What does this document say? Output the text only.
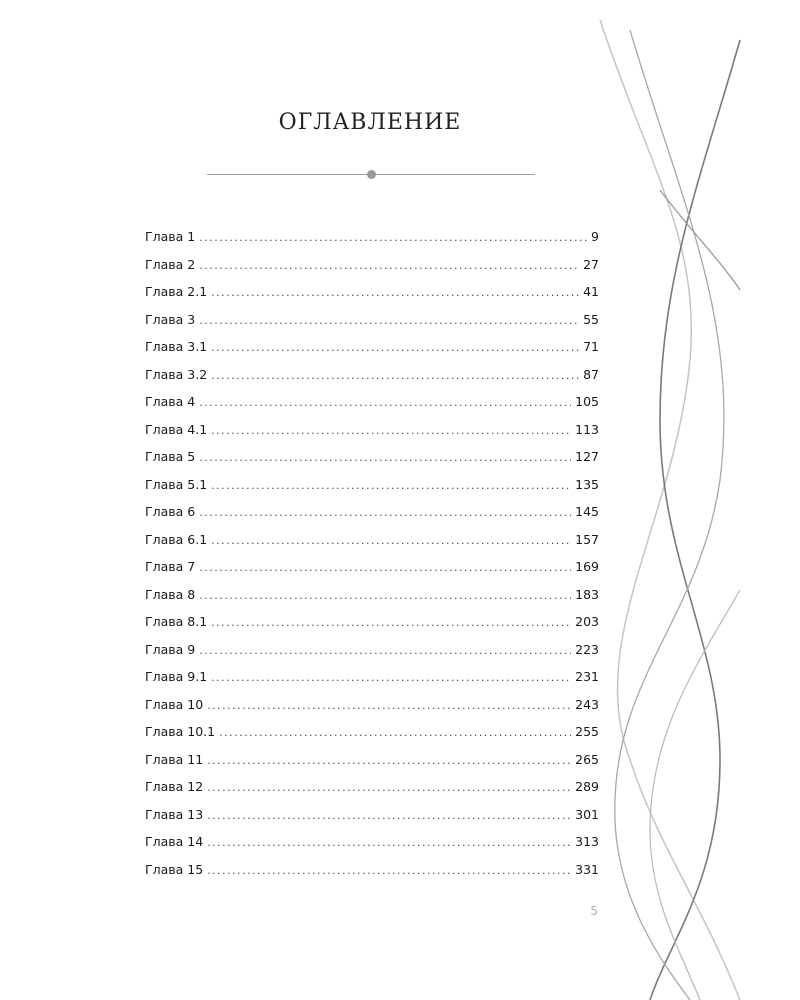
ОГЛАВЛЕНИЕ
Глава 1 .....	9
Глава 2 .....	27
Глава 2.1 .....	41
Глава 3 .....	55
Глава 3.1 .....	71
Глава 3.2 .....	87
Глава 4 .....	105
Глава 4.1 .....	113
Глава 5 .....	127
Глава 5.1 .....	135
Глава 6 .....	145
Глава 6.1 .....	157
Глава 7 .....	169
Глава 8 .....	183
Глава 8.1 .....	203
Глава 9 .....	223
Глава 9.1 .....	231
Глава 10 .....	243
Глава 10.1 .....	255
Глава 11 .....	265
Глава 12 .....	289
Глава 13 .....	301
Глава 14 .....	313
Глава 15 .....	331
5
